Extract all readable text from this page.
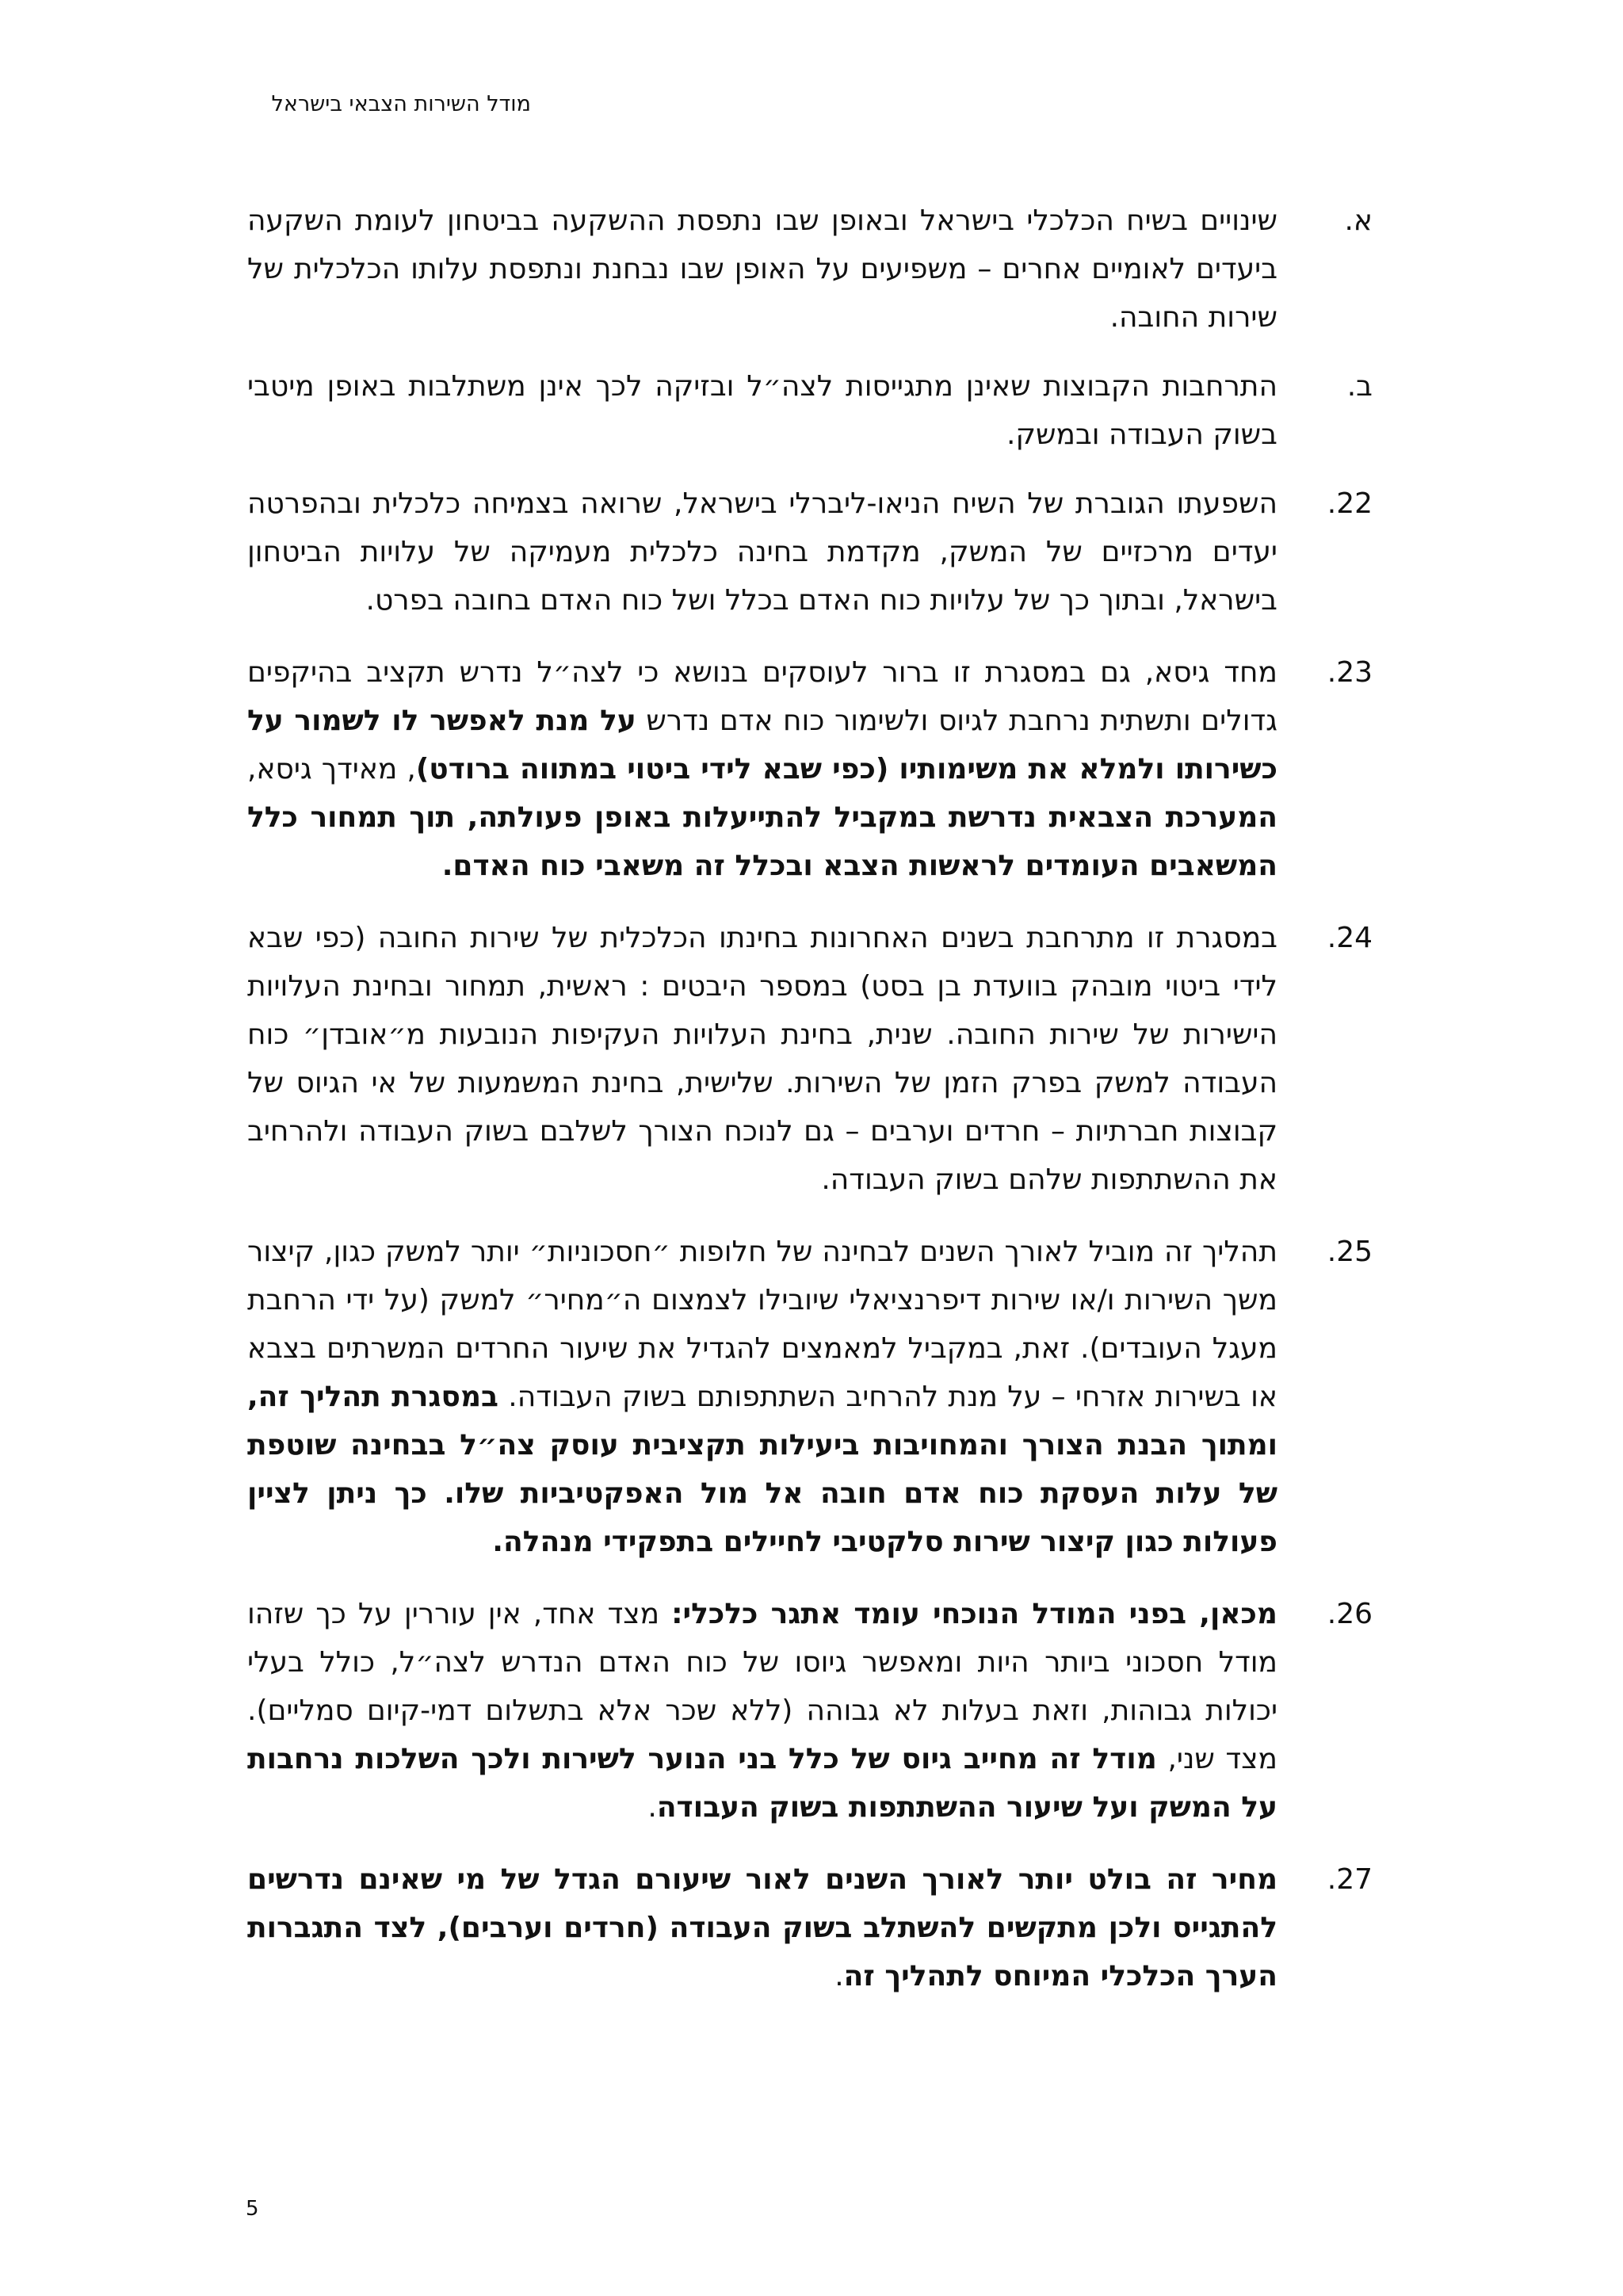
מודל השירות הצבאי בישראל
א.
שינויים בשיח הכלכלי בישראל ובאופן שבו נתפסת ההשקעה בביטחון לעומת השקעה ביעדים לאומיים אחרים – משפיעים על האופן שבו נבחנת ונתפסת עלותו הכלכלית של שירות החובה.
ב.
התרחבות הקבוצות שאינן מתגייסות לצה״ל ובזיקה לכך אינן משתלבות באופן מיטבי בשוק העבודה ובמשק.
22.
השפעתו הגוברת של השיח הניאו-ליברלי בישראל, שרואה בצמיחה כלכלית ובהפרטה יעדים מרכזיים של המשק, מקדמת בחינה כלכלית מעמיקה של עלויות הביטחון בישראל, ובתוך כך של עלויות כוח האדם בכלל ושל כוח האדם בחובה בפרט.
23.
מחד גיסא, גם במסגרת זו ברור לעוסקים בנושא כי לצה״ל נדרש תקציב בהיקפים גדולים ותשתית נרחבת לגיוס ולשימור כוח אדם נדרש על מנת לאפשר לו לשמור על כשירותו ולמלא את משימותיו (כפי שבא לידי ביטוי במתווה ברודט), מאידך גיסא, המערכת הצבאית נדרשת במקביל להתייעלות באופן פעולתה, תוך תמחור כלל המשאבים העומדים לראשות הצבא ובכלל זה משאבי כוח האדם.
24.
במסגרת זו מתרחבת בשנים האחרונות בחינתו הכלכלית של שירות החובה (כפי שבא לידי ביטוי מובהק בוועדת בן בסט) במספר היבטים : ראשית, תמחור ובחינת העלויות הישירות של שירות החובה. שנית, בחינת העלויות העקיפות הנובעות מ״אובדן״ כוח העבודה למשק בפרק הזמן של השירות. שלישית, בחינת המשמעות של אי הגיוס של קבוצות חברתיות – חרדים וערבים – גם לנוכח הצורך לשלבם בשוק העבודה ולהרחיב את ההשתתפות שלהם בשוק העבודה.
25.
תהליך זה מוביל לאורך השנים לבחינה של חלופות ״חסכוניות״ יותר למשק כגון, קיצור משך השירות ו/או שירות דיפרנציאלי שיובילו לצמצום ה״מחיר״ למשק (על ידי הרחבת מעגל העובדים). זאת, במקביל למאמצים להגדיל את שיעור החרדים המשרתים בצבא או בשירות אזרחי – על מנת להרחיב השתתפותם בשוק העבודה. במסגרת תהליך זה, ומתוך הבנת הצורך והמחויבות ביעילות תקציבית עוסק צה״ל בבחינה שוטפת של עלות העסקת כוח אדם חובה אל מול האפקטיביות שלו. כך ניתן לציין פעולות כגון קיצור שירות סלקטיבי לחיילים בתפקידי מנהלה.
26.
מכאן, בפני המודל הנוכחי עומד אתגר כלכלי: מצד אחד, אין עוררין על כך שזהו מודל חסכוני ביותר היות ומאפשר גיוסו של כוח האדם הנדרש לצה״ל, כולל בעלי יכולות גבוהות, וזאת בעלות לא גבוהה (ללא שכר אלא בתשלום דמי-קיום סמליים). מצד שני, מודל זה מחייב גיוס של כלל בני הנוער לשירות ולכך השלכות נרחבות על המשק ועל שיעור ההשתתפות בשוק העבודה.
27.
מחיר זה בולט יותר לאורך השנים לאור שיעורם הגדל של מי שאינם נדרשים להתגייס ולכן מתקשים להשתלב בשוק העבודה (חרדים וערבים), לצד התגברות הערך הכלכלי המיוחס לתהליך זה.
5
